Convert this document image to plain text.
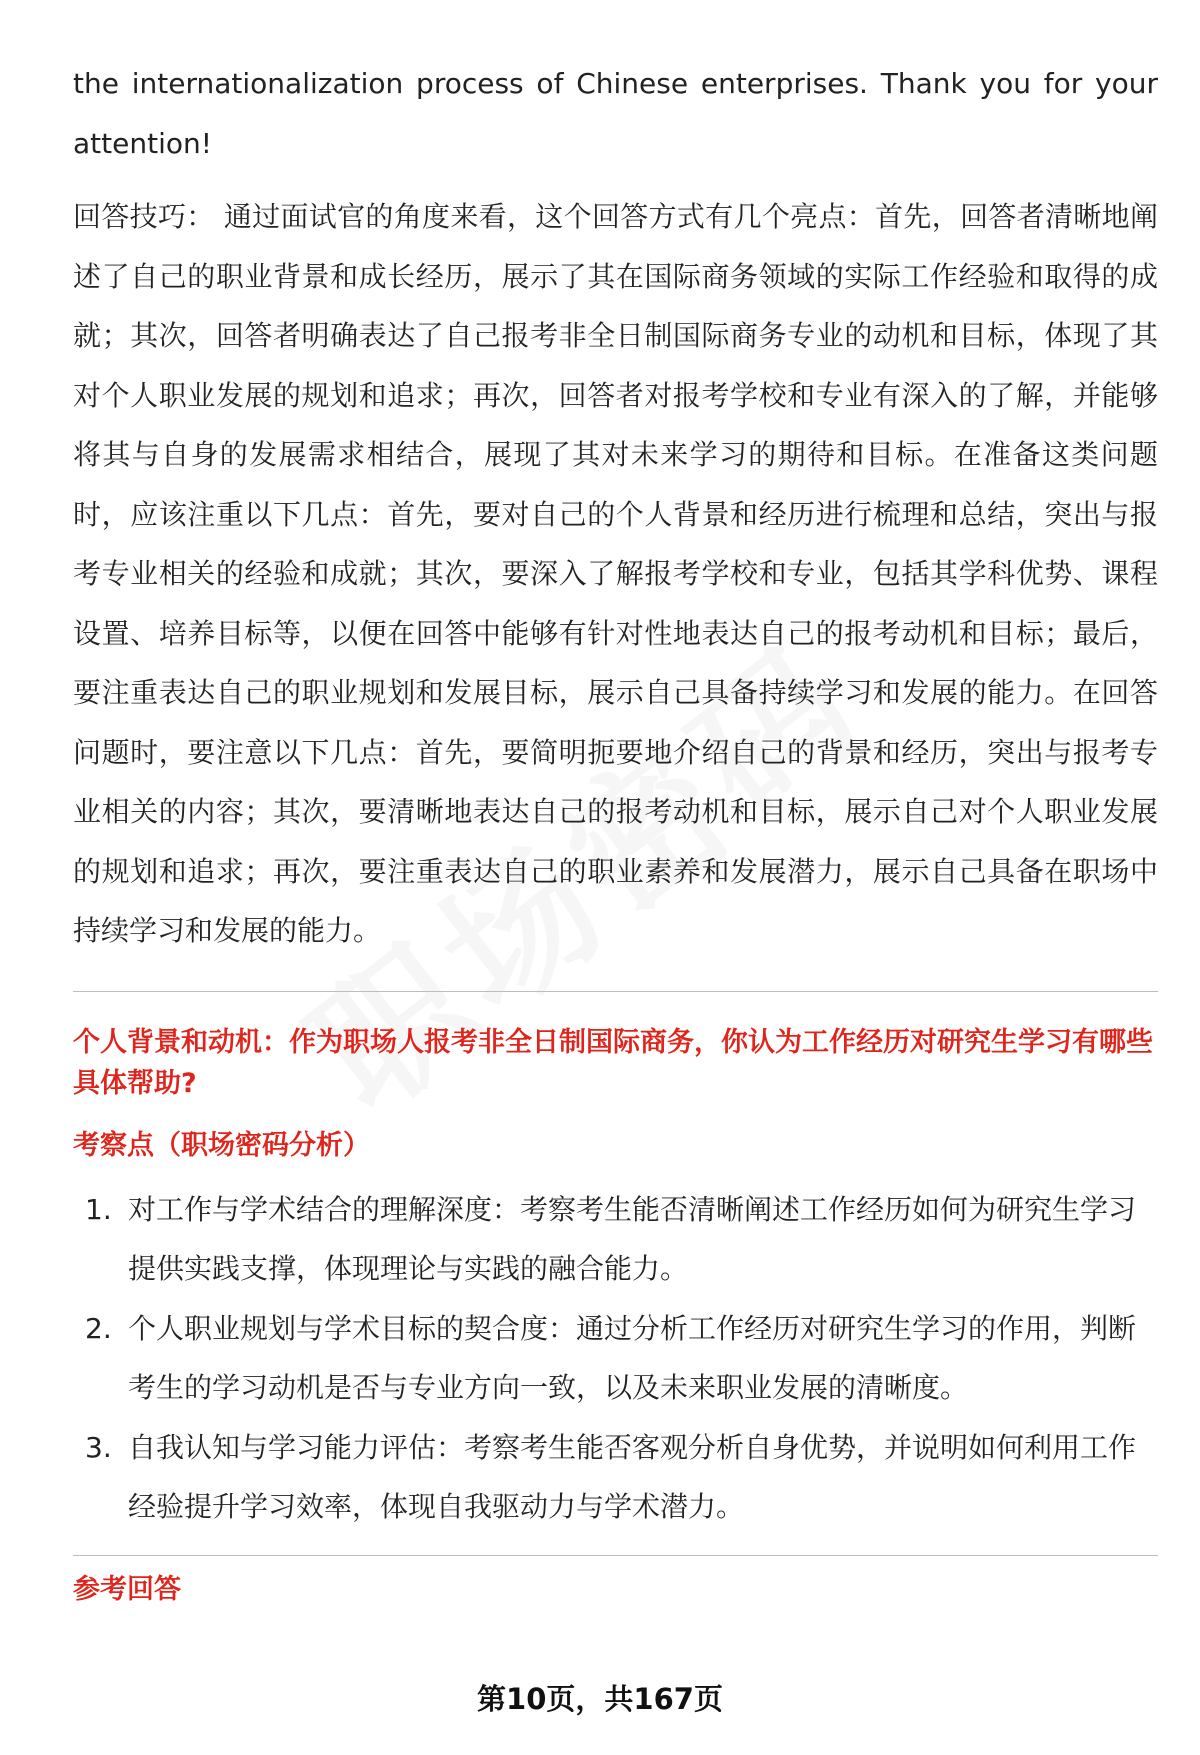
the internationalization process of Chinese enterprises. Thank you for your attention!

回答技巧： 通过面试官的角度来看，这个回答方式有几个亮点：首先，回答者清晰地阐述了自己的职业背景和成长经历，展示了其在国际商务领域的实际工作经验和取得的成就；其次，回答者明确表达了自己报考非全日制国际商务专业的动机和目标，体现了其对个人职业发展的规划和追求；再次，回答者对报考学校和专业有深入的了解，并能够将其与自身的发展需求相结合，展现了其对未来学习的期待和目标。在准备这类问题时，应该注重以下几点：首先，要对自己的个人背景和经历进行梳理和总结，突出与报考专业相关的经验和成就；其次，要深入了解报考学校和专业，包括其学科优势、课程设置、培养目标等，以便在回答中能够有针对性地表达自己的报考动机和目标；最后，要注重表达自己的职业规划和发展目标，展示自己具备持续学习和发展的能力。在回答问题时，要注意以下几点：首先，要简明扼要地介绍自己的背景和经历，突出与报考专业相关的内容；其次，要清晰地表达自己的报考动机和目标，展示自己对个人职业发展的规划和追求；再次，要注重表达自己的职业素养和发展潜力，展示自己具备在职场中持续学习和发展的能力。

个人背景和动机：作为职场人报考非全日制国际商务，你认为工作经历对研究生学习有哪些具体帮助?

考察点（职场密码分析）

1. 对工作与学术结合的理解深度：考察考生能否清晰阐述工作经历如何为研究生学习提供实践支撑，体现理论与实践的融合能力。
2. 个人职业规划与学术目标的契合度：通过分析工作经历对研究生学习的作用，判断考生的学习动机是否与专业方向一致，以及未来职业发展的清晰度。
3. 自我认知与学习能力评估：考察考生能否客观分析自身优势，并说明如何利用工作经验提升学习效率，体现自我驱动力与学术潜力。

参考回答

第10页，共167页
